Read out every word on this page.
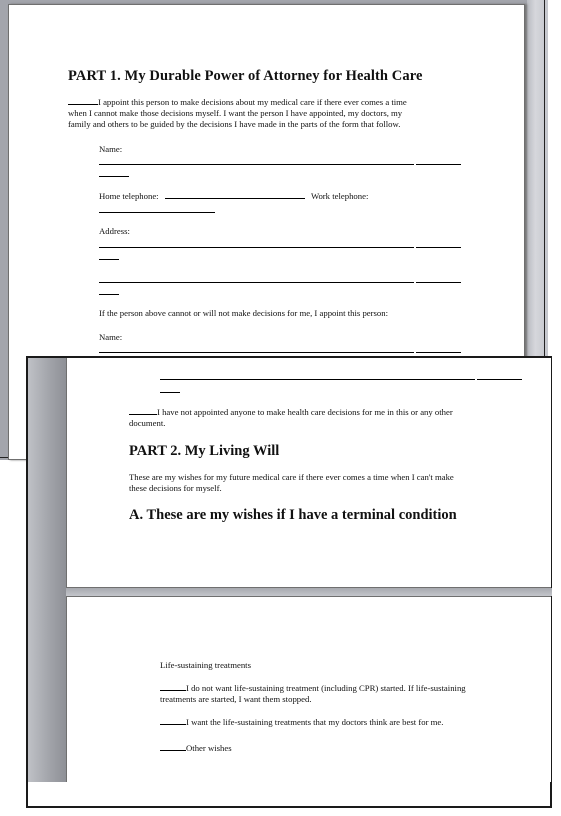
PART 1. My Durable Power of Attorney for Health Care
I appoint this person to make decisions about my medical care if there ever comes a time
when I cannot make those decisions myself. I want the person I have appointed, my doctors, my
family and others to be guided by the decisions I have made in the parts of the form that follow.
Name:
Home telephone:	Work telephone:
Address:
If the person above cannot or will not make decisions for me, I appoint this person:
Name:
I have not appointed anyone to make health care decisions for me in this or any other
document.
PART 2. My Living Will
These are my wishes for my future medical care if there ever comes a time when I can't make
these decisions for myself.
A. These are my wishes if I have a terminal condition
Life-sustaining treatments
I do not want life-sustaining treatment (including CPR) started. If life-sustaining
treatments are started, I want them stopped.
I want the life-sustaining treatments that my doctors think are best for me.
Other wishes
